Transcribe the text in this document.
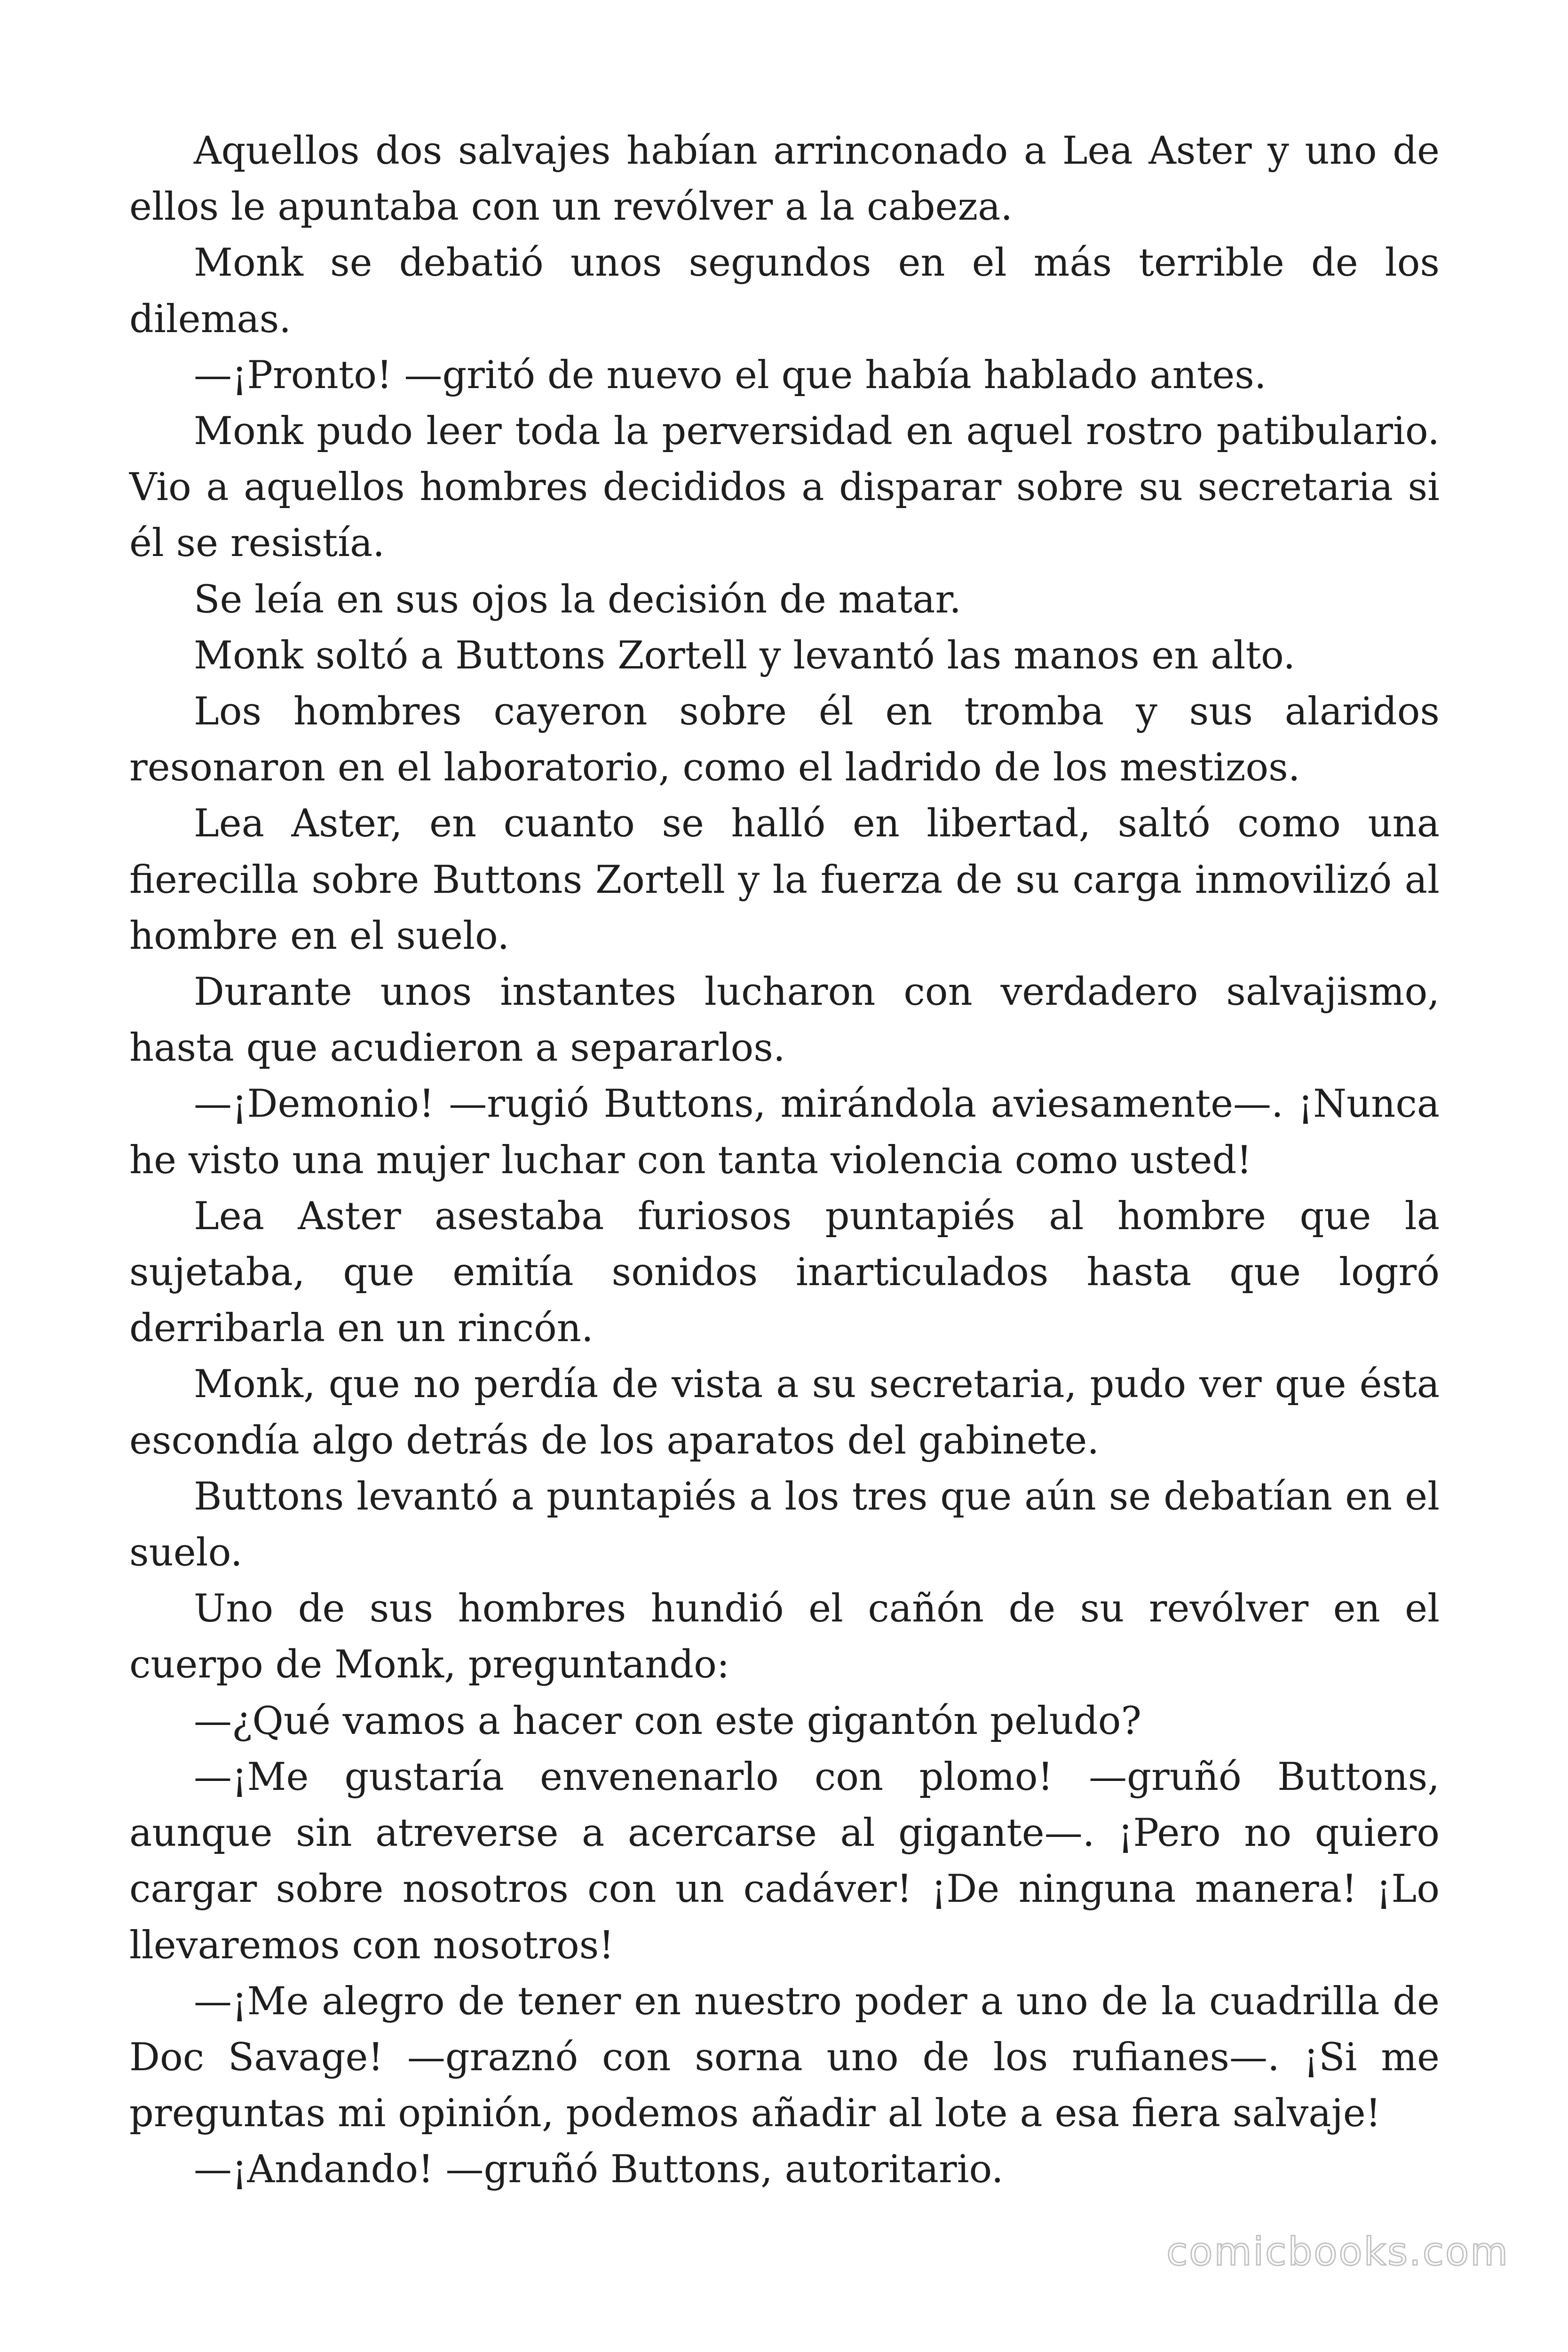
Aquellos dos salvajes habían arrinconado a Lea Aster y uno de ellos le apuntaba con un revólver a la cabeza.

Monk se debatió unos segundos en el más terrible de los dilemas.

—¡Pronto! —gritó de nuevo el que había hablado antes.

Monk pudo leer toda la perversidad en aquel rostro patibulario. Vio a aquellos hombres decididos a disparar sobre su secretaria si él se resistía.

Se leía en sus ojos la decisión de matar.

Monk soltó a Buttons Zortell y levantó las manos en alto.

Los hombres cayeron sobre él en tromba y sus alaridos resonaron en el laboratorio, como el ladrido de los mestizos.

Lea Aster, en cuanto se halló en libertad, saltó como una fierecilla sobre Buttons Zortell y la fuerza de su carga inmovilizó al hombre en el suelo.

Durante unos instantes lucharon con verdadero salvajismo, hasta que acudieron a separarlos.

—¡Demonio! —rugió Buttons, mirándola aviesamente—. ¡Nunca he visto una mujer luchar con tanta violencia como usted!

Lea Aster asestaba furiosos puntapiés al hombre que la sujetaba, que emitía sonidos inarticulados hasta que logró derribarla en un rincón.

Monk, que no perdía de vista a su secretaria, pudo ver que ésta escondía algo detrás de los aparatos del gabinete.

Buttons levantó a puntapiés a los tres que aún se debatían en el suelo.

Uno de sus hombres hundió el cañón de su revólver en el cuerpo de Monk, preguntando:

—¿Qué vamos a hacer con este gigantón peludo?

—¡Me gustaría envenenarlo con plomo! —gruñó Buttons, aunque sin atreverse a acercarse al gigante—. ¡Pero no quiero cargar sobre nosotros con un cadáver! ¡De ninguna manera! ¡Lo llevaremos con nosotros!

—¡Me alegro de tener en nuestro poder a uno de la cuadrilla de Doc Savage! —graznó con sorna uno de los rufianes—. ¡Si me preguntas mi opinión, podemos añadir al lote a esa fiera salvaje!

—¡Andando! —gruñó Buttons, autoritario.

comicbooks.com
